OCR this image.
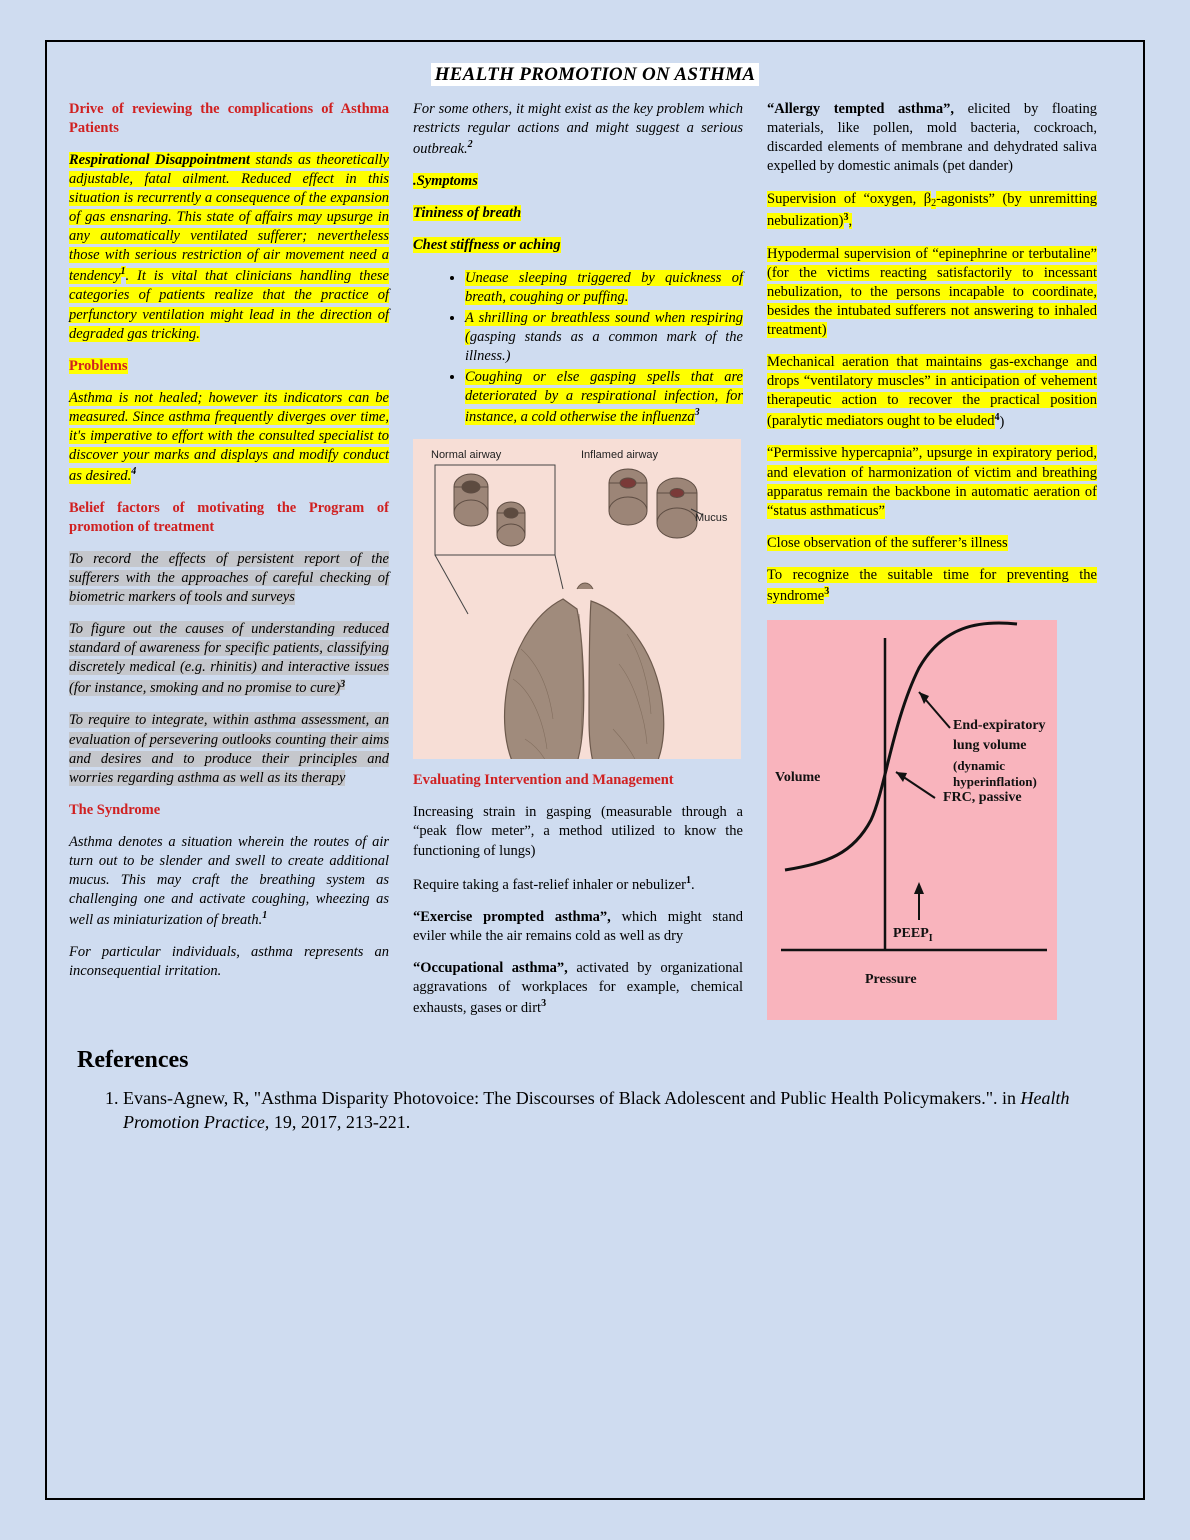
HEALTH PROMOTION ON ASTHMA

Drive of reviewing the complications of Asthma Patients

Respirational Disappointment stands as theoretically adjustable, fatal ailment. Reduced effect in this situation is recurrently a consequence of the expansion of gas ensnaring. This state of affairs may upsurge in any automatically ventilated sufferer; nevertheless those with serious restriction of air movement need a tendency$^1$. It is vital that clinicians handling these categories of patients realize that the practice of perfunctory ventilation might lead in the direction of degraded gas tricking.

Problems

Asthma is not healed; however its indicators can be measured. Since asthma frequently diverges over time, it's imperative to effort with the consulted specialist to discover your marks and displays and modify conduct as desired.$^4$

Belief factors of motivating the Program of promotion of treatment

To record the effects of persistent report of the sufferers with the approaches of careful checking of biometric markers of tools and surveys

To figure out the causes of understanding reduced standard of awareness for specific patients, classifying discretely medical (e.g. rhinitis) and interactive issues (for instance, smoking and no promise to cure)$^3$

To require to integrate, within asthma assessment, an evaluation of persevering outlooks counting their aims and desires and to produce their principles and worries regarding asthma as well as its therapy

The Syndrome

Asthma denotes a situation wherein the routes of air turn out to be slender and swell to create additional mucus. This may craft the breathing system as challenging one and activate coughing, wheezing as well as miniaturization of breath.$^1$

For particular individuals, asthma represents an inconsequential irritation.

For some others, it might exist as the key problem which restricts regular actions and might suggest a serious outbreak.$^2$

.Symptoms

Tininess of breath

Chest stiffness or aching

• Unease sleeping triggered by quickness of breath, coughing or puffing.
• A shrilling or breathless sound when respiring (gasping stands as a common mark of the illness.)
• Coughing or else gasping spells that are deteriorated by a respirational infection, for instance, a cold otherwise the influenza$^3$
Normal airway	Inflamed airway
Mucus

Evaluating Intervention and Management

Increasing strain in gasping (measurable through a “peak flow meter”, a method utilized to know the functioning of lungs)

Require taking a fast-relief inhaler or nebulizer$^1$.

“Exercise prompted asthma”, which might stand eviler while the air remains cold as well as dry

“Occupational asthma”, activated by organizational aggravations of workplaces for example, chemical exhausts, gases or dirt$^3$

“Allergy tempted asthma”, elicited by floating materials, like pollen, mold bacteria, cockroach, discarded elements of membrane and dehydrated saliva expelled by domestic animals (pet dander)

Supervision of “oxygen, $\beta_2$-agonists” (by unremitting nebulization)$^3$,

Hypodermal supervision of “epinephrine or terbutaline” (for the victims reacting satisfactorily to incessant nebulization, to the persons incapable to coordinate, besides the intubated sufferers not answering to inhaled treatment)

Mechanical aeration that maintains gas-exchange and drops “ventilatory muscles” in anticipation of vehement therapeutic action to recover the practical position (paralytic mediators ought to be eluded$^4$)

“Permissive hypercapnia”, upsurge in expiratory period, and elevation of harmonization of victim and breathing apparatus remain the backbone in automatic aeration of “status asthmaticus”

Close observation of the sufferer’s illness

To recognize the suitable time for preventing the syndrome$^3$

Volume
Pressure
End-expiratory
lung volume
(dynamic hyperinflation)
FRC, passive
$PEEP_I$
References
1. Evans-Agnew, R, "Asthma Disparity Photovoice: The Discourses of Black Adolescent and Public Health Policymakers.". in Health Promotion Practice, 19, 2017, 213-221.
